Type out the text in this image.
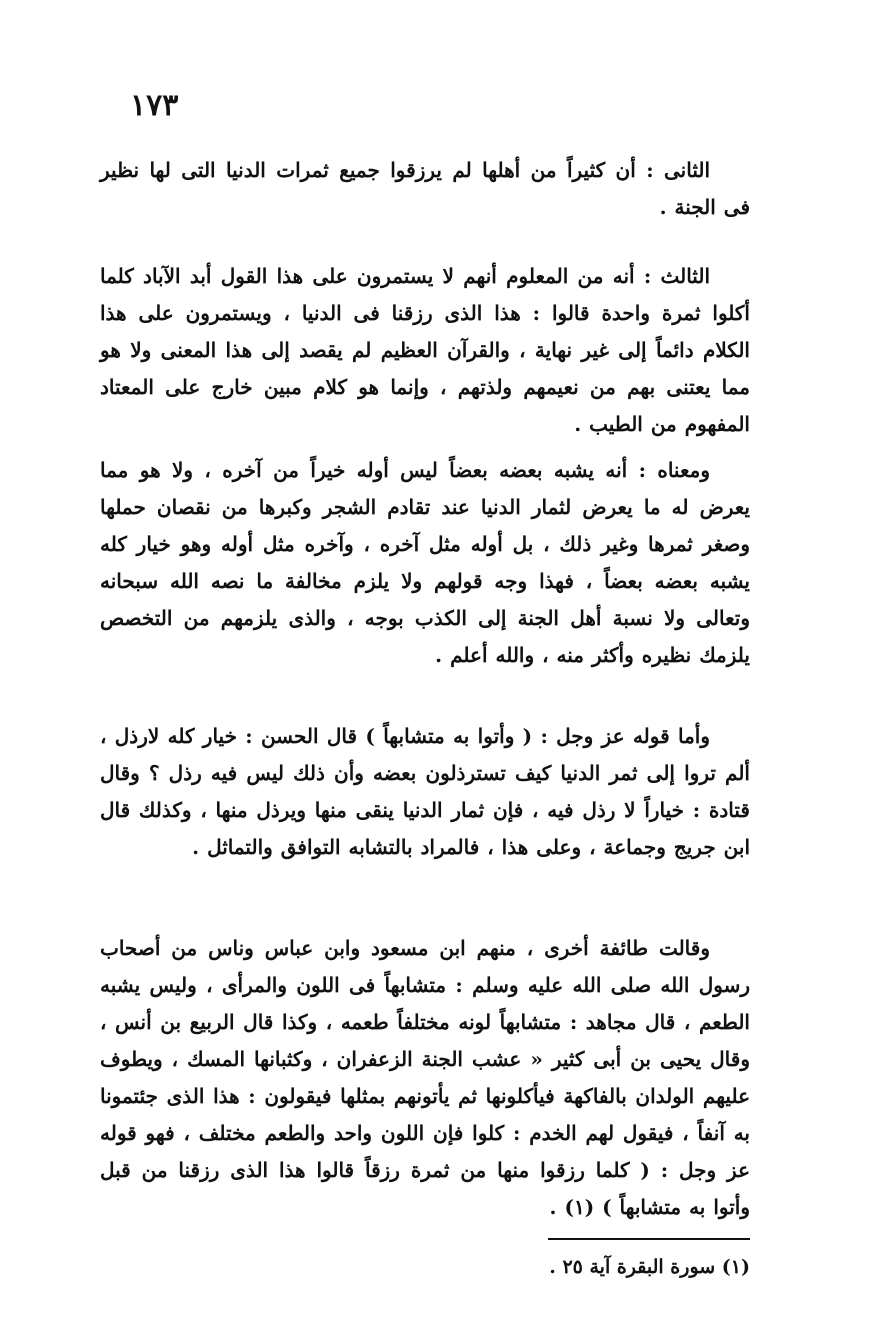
١٧٣

الثانى : أن كثيراً من أهلها لم يرزقوا جميع ثمرات الدنيا التى لها نظير فى الجنة .

الثالث : أنه من المعلوم أنهم لا يستمرون على هذا القول أبد الآباد كلما أكلوا ثمرة واحدة قالوا : هذا الذى رزقنا فى الدنيا ، ويستمرون على هذا الكلام دائماً إلى غير نهاية ، والقرآن العظيم لم يقصد إلى هذا المعنى ولا هو مما يعتنى بهم من نعيمهم ولذتهم ، وإنما هو كلام مبين خارج على المعتاد المفهوم من الطيب .

ومعناه : أنه يشبه بعضه بعضاً ليس أوله خيراً من آخره ، ولا هو مما يعرض له ما يعرض لثمار الدنيا عند تقادم الشجر وكبرها من نقصان حملها وصغر ثمرها وغير ذلك ، بل أوله مثل آخره ، وآخره مثل أوله وهو خيار كله يشبه بعضه بعضاً ، فهذا وجه قولهم ولا يلزم مخالفة ما نصه الله سبحانه وتعالى ولا نسبة أهل الجنة إلى الكذب بوجه ، والذى يلزمهم من التخصص يلزمك نظيره وأكثر منه ، والله أعلم .

وأما قوله عز وجل : ( وأتوا به متشابهاً ) قال الحسن : خيار كله لارذل ، ألم تروا إلى ثمر الدنيا كيف تسترذلون بعضه وأن ذلك ليس فيه رذل ؟ وقال قتادة : خياراً لا رذل فيه ، فإن ثمار الدنيا ينقى منها ويرذل منها ، وكذلك قال ابن جريج وجماعة ، وعلى هذا ، فالمراد بالتشابه التوافق والتماثل .

وقالت طائفة أخرى ، منهم ابن مسعود وابن عباس وناس من أصحاب رسول الله صلى الله عليه وسلم : متشابهاً فى اللون والمرأى ، وليس يشبه الطعم ، قال مجاهد : متشابهاً لونه مختلفاً طعمه ، وكذا قال الربيع بن أنس ، وقال يحيى بن أبى كثير « عشب الجنة الزعفران ، وكثبانها المسك ، ويطوف عليهم الولدان بالفاكهة فيأكلونها ثم يأتونهم بمثلها فيقولون : هذا الذى جئتمونا به آنفاً ، فيقول لهم الخدم : كلوا فإن اللون واحد والطعم مختلف ، فهو قوله عز وجل : ( كلما رزقوا منها من ثمرة رزقاً قالوا هذا الذى رزقنا من قبل وأتوا به متشابهاً ) (١) .

(١) سورة البقرة آية ٢٥ .
